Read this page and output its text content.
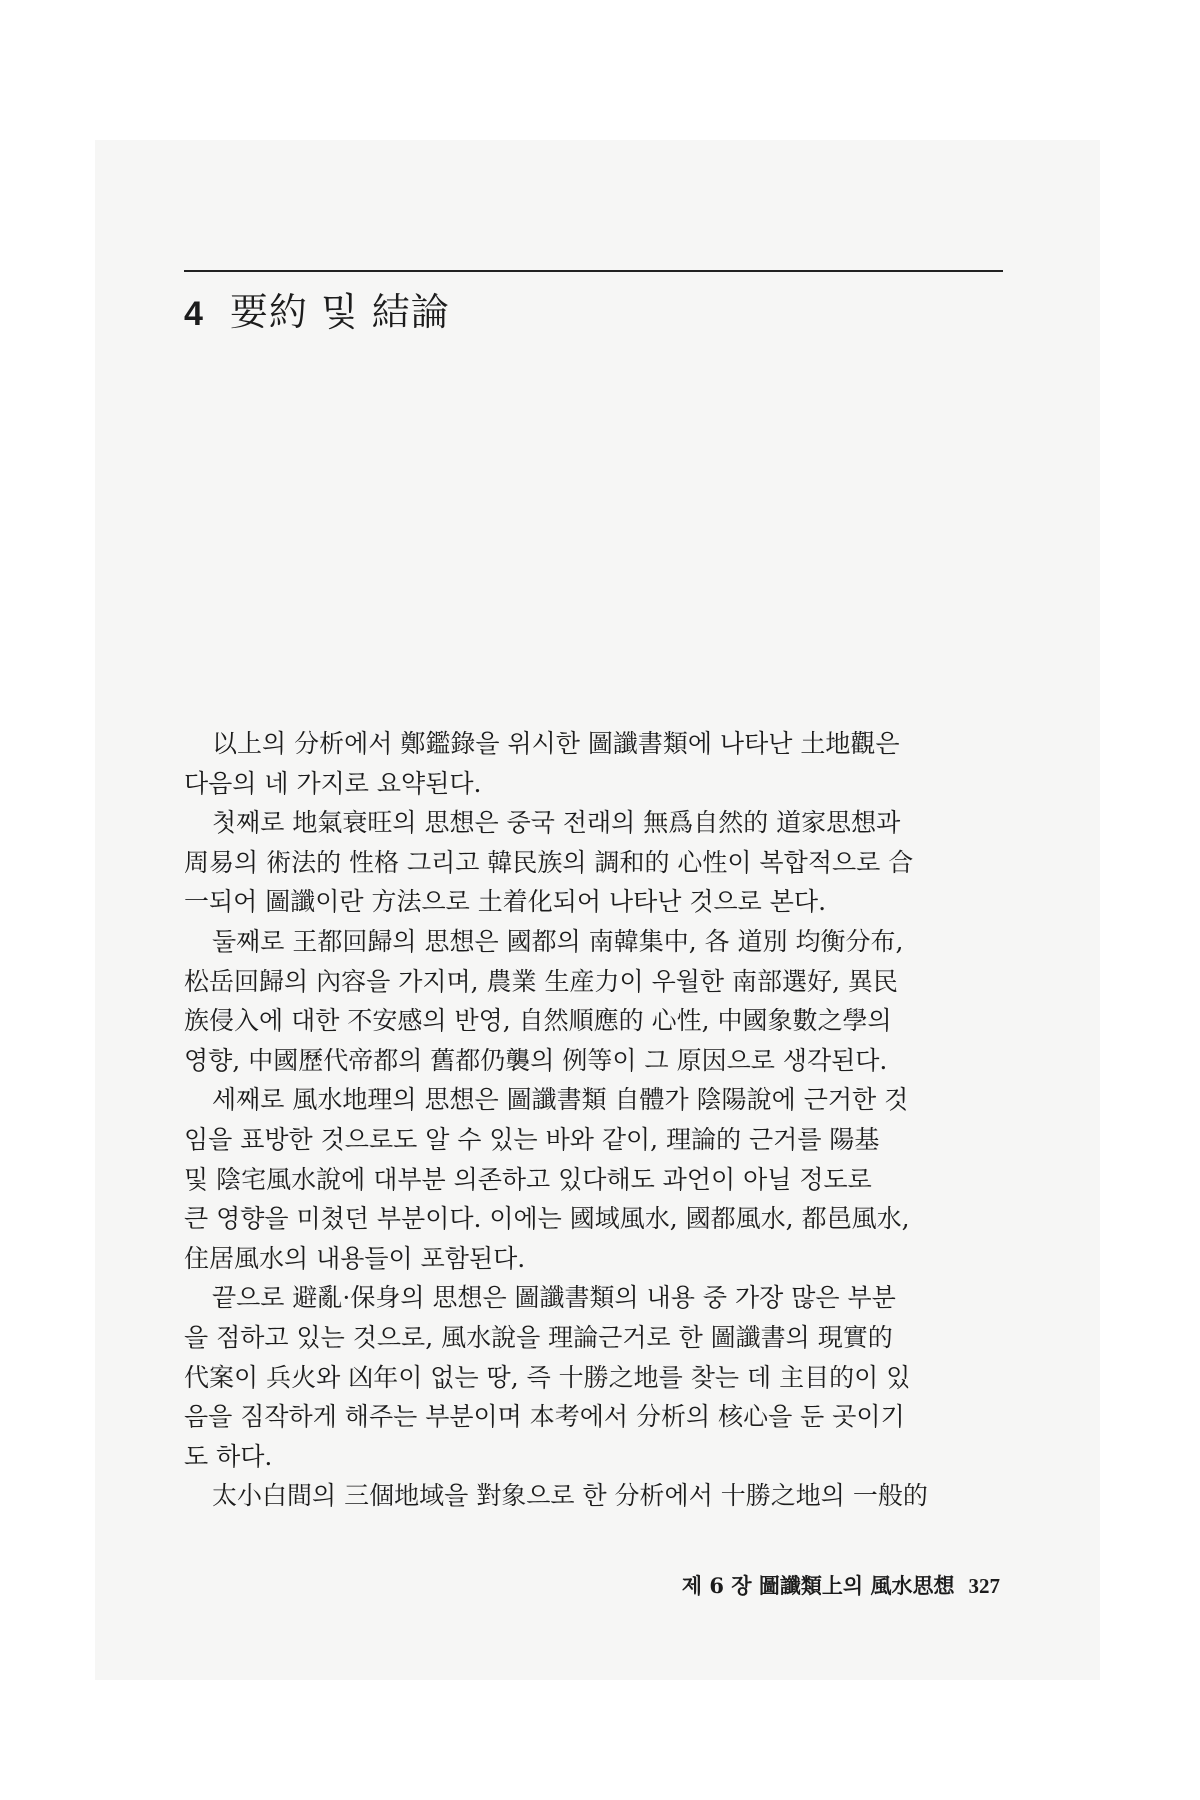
4 要約 및 結論
以上의 分析에서 鄭鑑錄을 위시한 圖讖書類에 나타난 土地觀은
다음의 네 가지로 요약된다.
첫째로 地氣衰旺의 思想은 중국 전래의 無爲自然的 道家思想과
周易의 術法的 性格 그리고 韓民族의 調和的 心性이 복합적으로 合
一되어 圖讖이란 方法으로 土着化되어 나타난 것으로 본다.
둘째로 王都回歸의 思想은 國都의 南韓集中, 各 道別 均衡分布,
松岳回歸의 內容을 가지며, 農業 生産力이 우월한 南部選好, 異民
族侵入에 대한 不安感의 반영, 自然順應的 心性, 中國象數之學의
영향, 中國歷代帝都의 舊都仍襲의 例等이 그 原因으로 생각된다.
세째로 風水地理의 思想은 圖讖書類 自體가 陰陽說에 근거한 것
임을 표방한 것으로도 알 수 있는 바와 같이, 理論的 근거를 陽基
및 陰宅風水說에 대부분 의존하고 있다해도 과언이 아닐 정도로
큰 영향을 미쳤던 부분이다. 이에는 國域風水, 國都風水, 都邑風水,
住居風水의 내용들이 포함된다.
끝으로 避亂·保身의 思想은 圖讖書類의 내용 중 가장 많은 부분
을 점하고 있는 것으로, 風水說을 理論근거로 한 圖讖書의 現實的
代案이 兵火와 凶年이 없는 땅, 즉 十勝之地를 찾는 데 主目的이 있
음을 짐작하게 해주는 부분이며 本考에서 分析의 核心을 둔 곳이기
도 하다.
太小白間의 三個地域을 對象으로 한 分析에서 十勝之地의 一般的
제 6 장 圖讖類上의 風水思想 327
